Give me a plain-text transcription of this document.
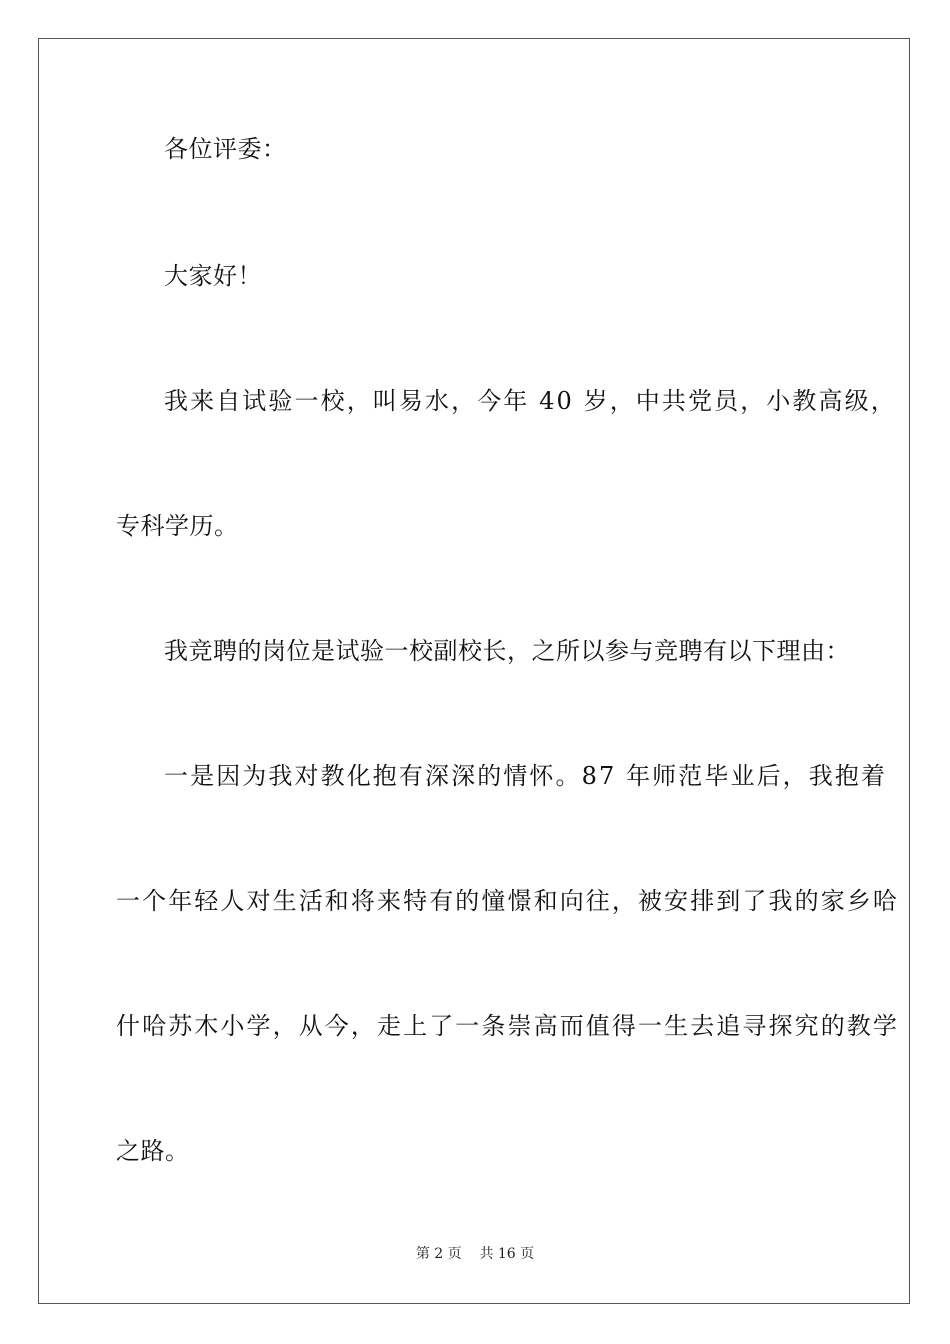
各位评委：
大家好！
我来自试验一校，叫易水，今年 40 岁，中共党员，小教高级，
专科学历。
我竞聘的岗位是试验一校副校长，之所以参与竞聘有以下理由：
一是因为我对教化抱有深深的情怀。87 年师范毕业后，我抱着
一个年轻人对生活和将来特有的憧憬和向往，被安排到了我的家乡哈
什哈苏木小学，从今，走上了一条崇高而值得一生去追寻探究的教学
之路。
第 2 页 共 16 页
